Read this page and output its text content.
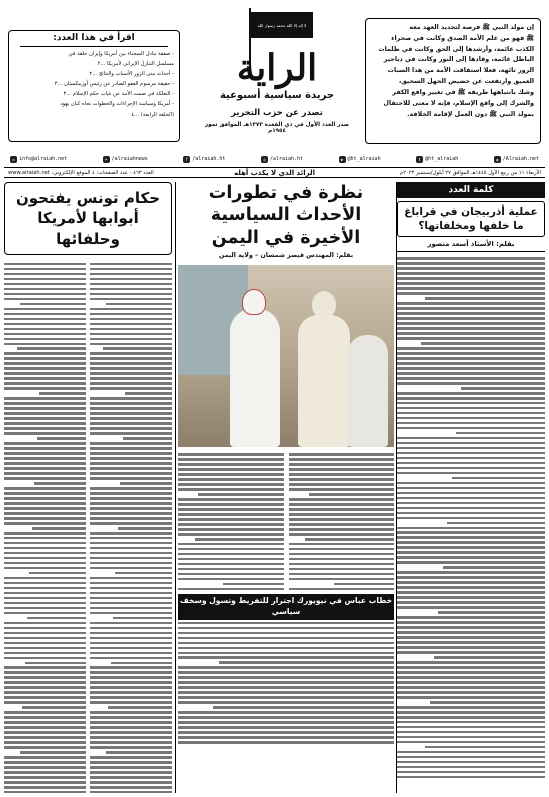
إن مولد النبي ﷺ فرصة لتجديد العهد معه
ﷺ فهو من علم الأمة الصدق وكانت في صحراء
الكذب غائمة، وأرشدها إلى الحق وكانت في ظلمات
الباطل غائمة، وقادها إلى النور وكانت في دياجير
الزور تائهة، فعلا استفاقت الأمة من هذا السبات
العميق وارتفعت عن حضيض الجهل السحيق،
وشك بانتباهها طريقه ﷺ في تغيير واقع الكفر
والشرك إلى واقع الإسلام، فإنه لا معنى للاحتفال
بمولد النبي ﷺ دون العمل لإقامة الخلافة.
لا إله إلا الله محمد رسول الله
الراية
جريدة سياسية أسبوعية
تصدر عن حزب التحرير
صدر العدد الأول في ذي القعدة ١٣٧٣هـ الموافق تموز ١٩٥٤م
اقرأ في هذا العدد:
- صفقة تبادل السجناء بين أمريكا وإيران حلقة في
مسلسل التنازل الإيراني لأمريكا ...٢
- أحداث منى الزور الأسباب والنتائج ...٢
- حقيقة مرسوم العفو الصادر عن رئيس أوزبيكستان ...٣
- التعلكة في صمت الأمة عن غياب حكم الإسلام ...٣
- أمريكا وسياسة الإجراءات والخطوات تجاه كيان يهود
(الحلقة الرابعة) ...٤
◍ /Alraiah.net
t @ht_alraiah
▶ @ht_alraiah
◎ /alraiah.ht
f /alraiah.ht
➤ /alraiahnews
✉ info@alraiah.net
الأربعاء ١١ من ربيع الأول ١٤٤٥هـ الموافق ٢٧ أيلول/سبتمبر ٢٠٢٣م
الرائد الذي لا يكذب أهله
العدد ٤٦٣ - عدد الصفحات: ٤ الموقع الإلكتروني: www.alraiah.net
كلمة العدد
عملية أذربيجان في قراباغ ما خلفها ومخلفاتها؟
بقلم: الأستاذ أسعد منصور
نظرة في تطورات الأحداث السياسية الأخيرة في اليمن
بقلم: المهندس قيصر شمسان – ولاية اليمن
خطاب عباس في نيويورك اجترار للتفريط وتسول وسخف سياسي
حكام تونس يفتحون أبوابها لأمريكا وحلفائها
